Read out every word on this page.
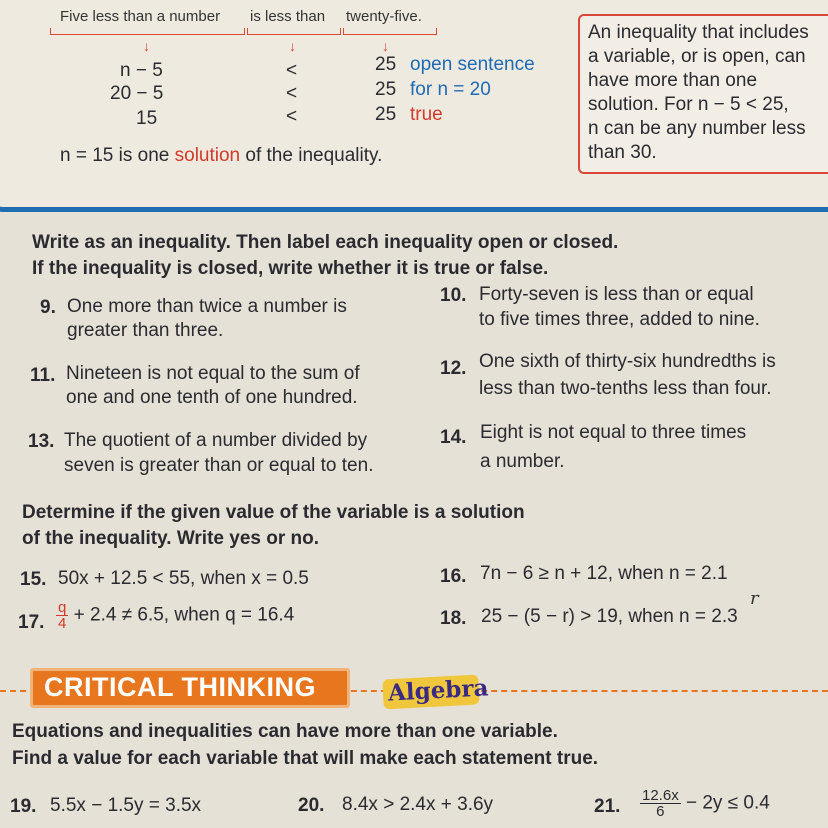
Five less than a number is less than twenty-five.
↓	↓	↓
n − 5	<	25 open sentence
20 − 5	<	25 for n = 20
15	<	25 true
n = 15 is one solution of the inequality.
An inequality that includes
a variable, or is open, can
have more than one
solution. For n − 5 < 25,
n can be any number less
than 30.
Write as an inequality. Then label each inequality open or closed.
If the inequality is closed, write whether it is true or false.
9. One more than twice a number is
greater than three.
10. Forty-seven is less than or equal
to five times three, added to nine.
11. Nineteen is not equal to the sum of
one and one tenth of one hundred.
12. One sixth of thirty-six hundredths is
less than two-tenths less than four.
13. The quotient of a number divided by
seven is greater than or equal to ten.
14. Eight is not equal to three times
a number.
Determine if the given value of the variable is a solution
of the inequality. Write yes or no.
15. 50x + 12.5 < 55, when x = 0.5	16. 7n − 6 ≥ n + 12, when n = 2.1
17. $\frac{q}{4} + 2.4 \ne 6.5$, when q = 16.4	18. 25 − (5 − r) > 19, when n = 2.3
r
CRITICAL THINKING	Algebra
Equations and inequalities can have more than one variable.
Find a value for each variable that will make each statement true.
19. 5.5x − 1.5y = 3.5x	20. 8.4x > 2.4x + 3.6y	21. $\frac{12.6x}{6} - 2y \le 0.4$
